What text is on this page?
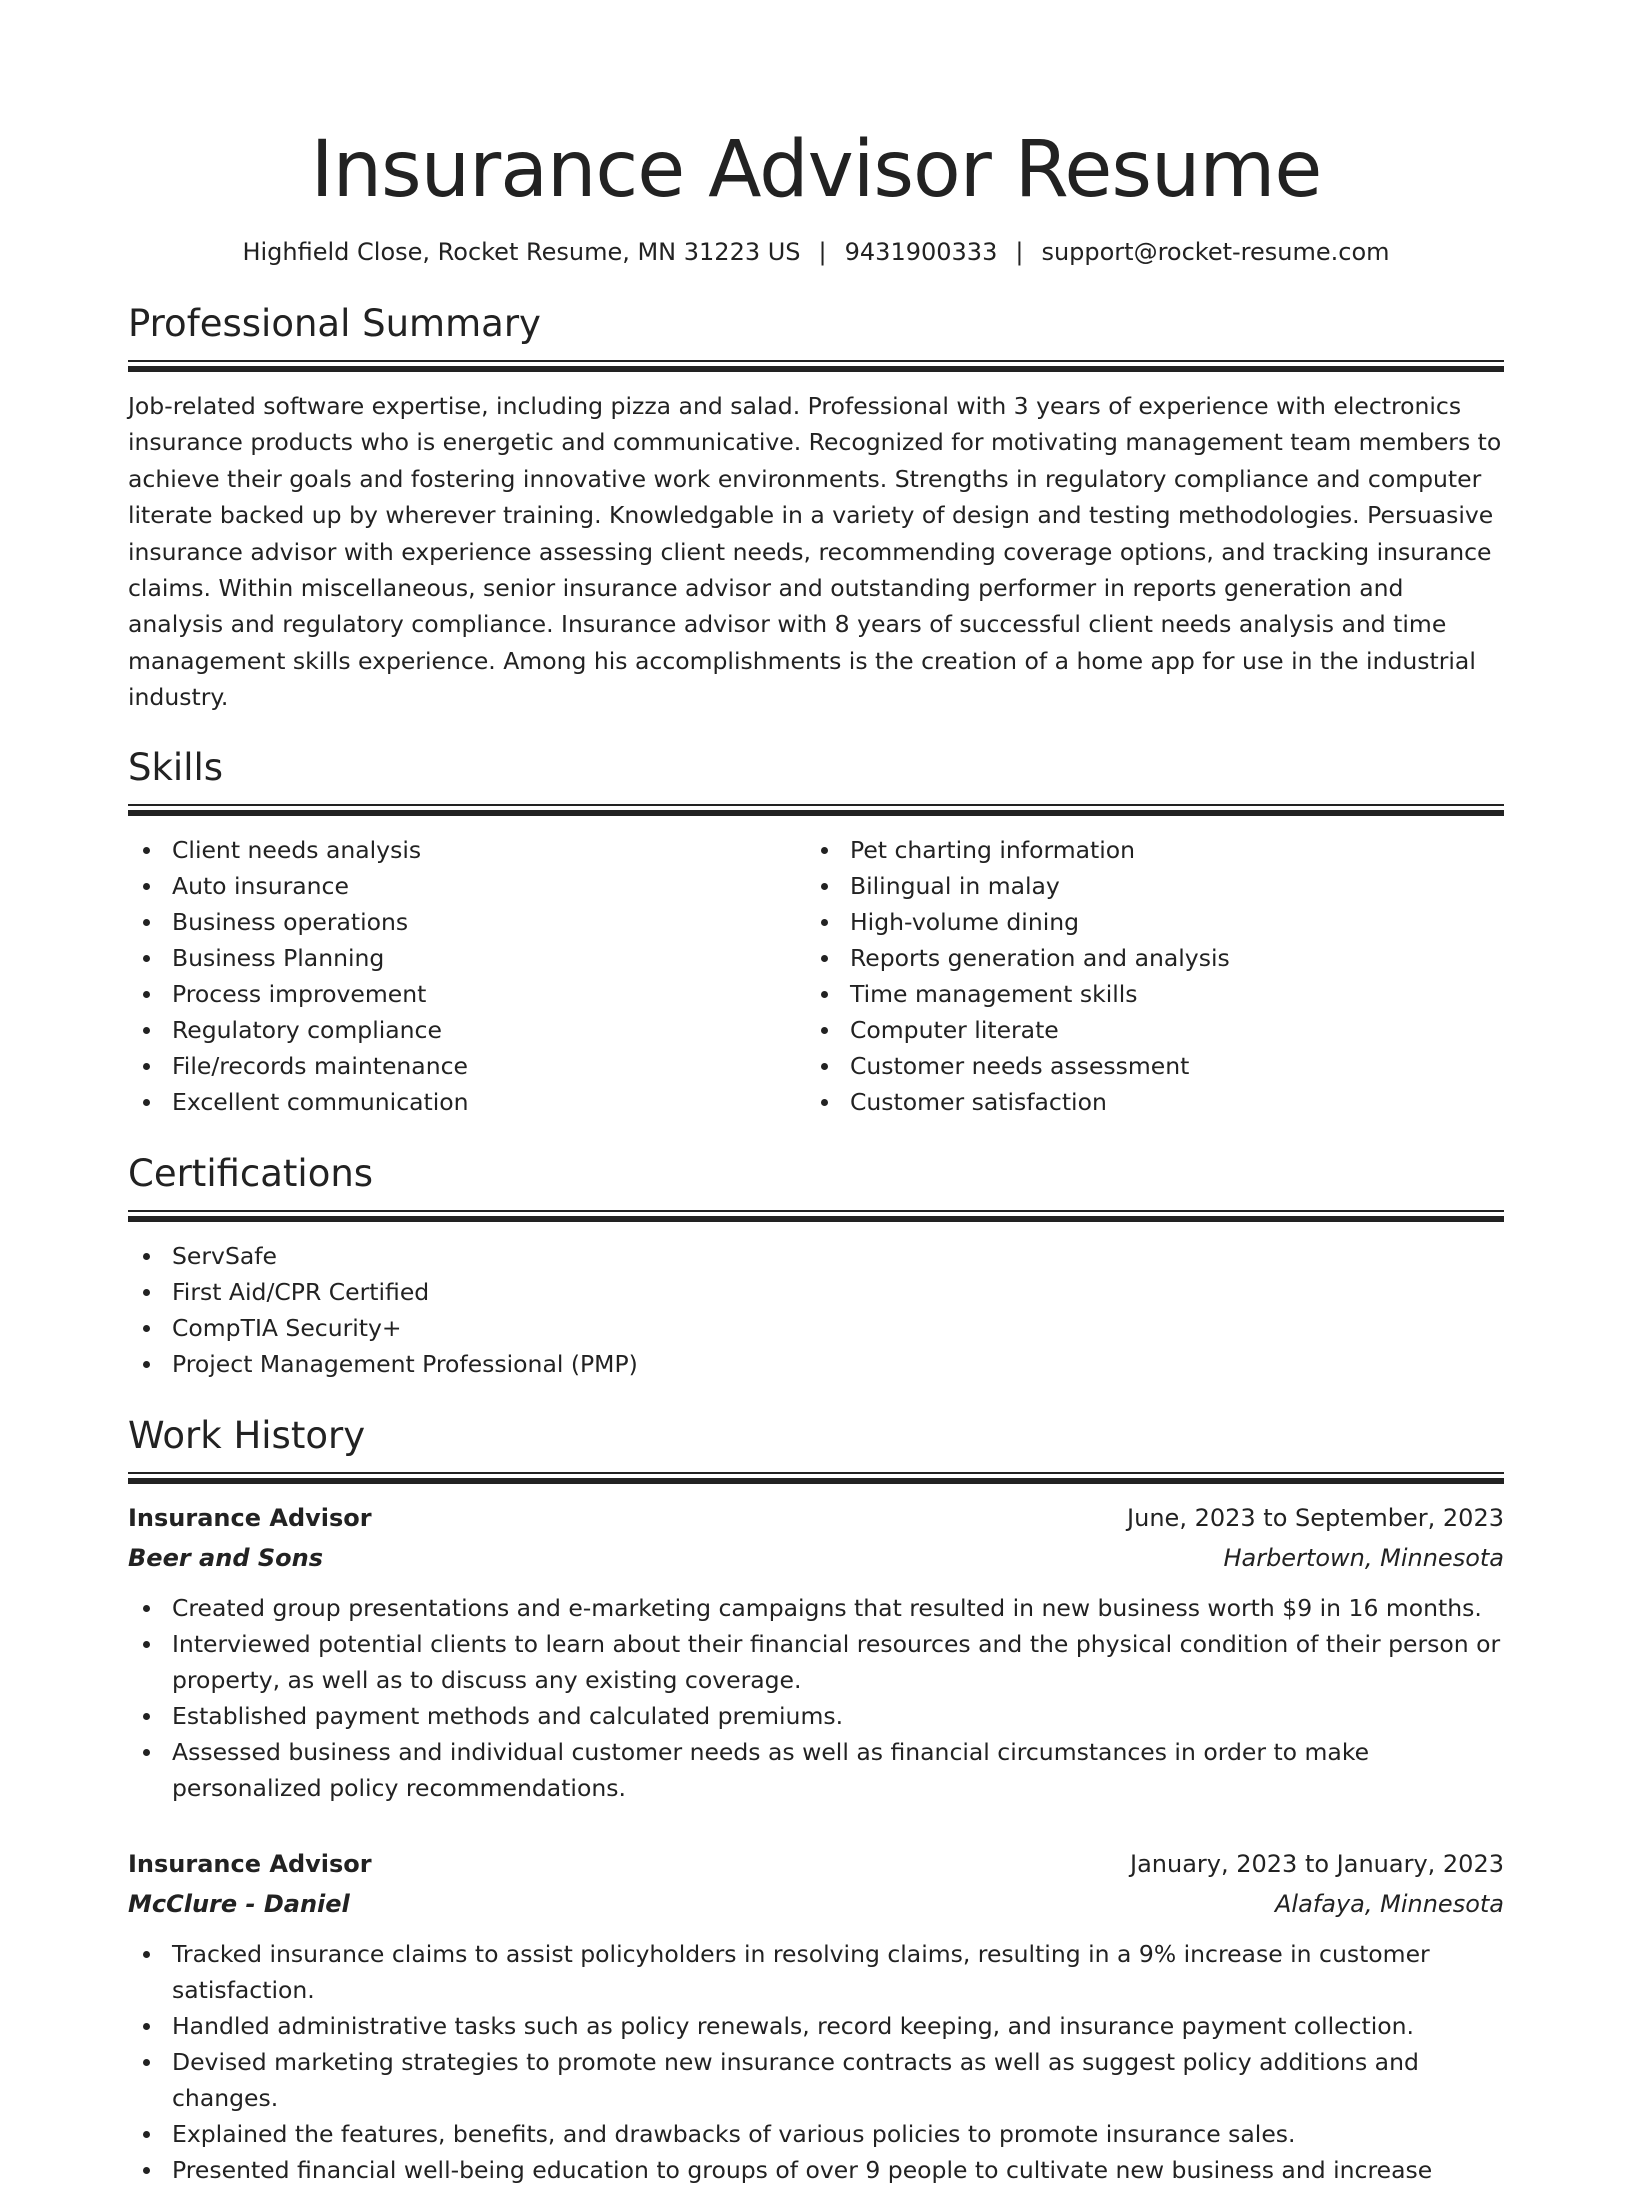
Insurance Advisor Resume
Highfield Close, Rocket Resume, MN 31223 US | 9431900333 | support@rocket-resume.com
Professional Summary

Job-related software expertise, including pizza and salad. Professional with 3 years of experience with electronics insurance products who is energetic and communicative. Recognized for motivating management team members to achieve their goals and fostering innovative work environments. Strengths in regulatory compliance and computer literate backed up by wherever training. Knowledgable in a variety of design and testing methodologies. Persuasive insurance advisor with experience assessing client needs, recommending coverage options, and tracking insurance claims. Within miscellaneous, senior insurance advisor and outstanding performer in reports generation and analysis and regulatory compliance. Insurance advisor with 8 years of successful client needs analysis and time management skills experience. Among his accomplishments is the creation of a home app for use in the industrial industry.

Skills
Client needs analysis
Auto insurance
Business operations
Business Planning
Process improvement
Regulatory compliance
File/records maintenance
Excellent communication
Pet charting information
Bilingual in malay
High-volume dining
Reports generation and analysis
Time management skills
Computer literate
Customer needs assessment
Customer satisfaction
Certifications
ServSafe
First Aid/CPR Certified
CompTIA Security+
Project Management Professional (PMP)
Work History
Insurance Advisor	June, 2023 to September, 2023
Beer and Sons	Harbertown, Minnesota
Created group presentations and e-marketing campaigns that resulted in new business worth $9 in 16 months.
Interviewed potential clients to learn about their financial resources and the physical condition of their person or property, as well as to discuss any existing coverage.
Established payment methods and calculated premiums.
Assessed business and individual customer needs as well as financial circumstances in order to make personalized policy recommendations.
Insurance Advisor	January, 2023 to January, 2023
McClure - Daniel	Alafaya, Minnesota
Tracked insurance claims to assist policyholders in resolving claims, resulting in a 9% increase in customer satisfaction.
Handled administrative tasks such as policy renewals, record keeping, and insurance payment collection.
Devised marketing strategies to promote new insurance contracts as well as suggest policy additions and changes.
Explained the features, benefits, and drawbacks of various policies to promote insurance sales.
Presented financial well-being education to groups of over 9 people to cultivate new business and increase
